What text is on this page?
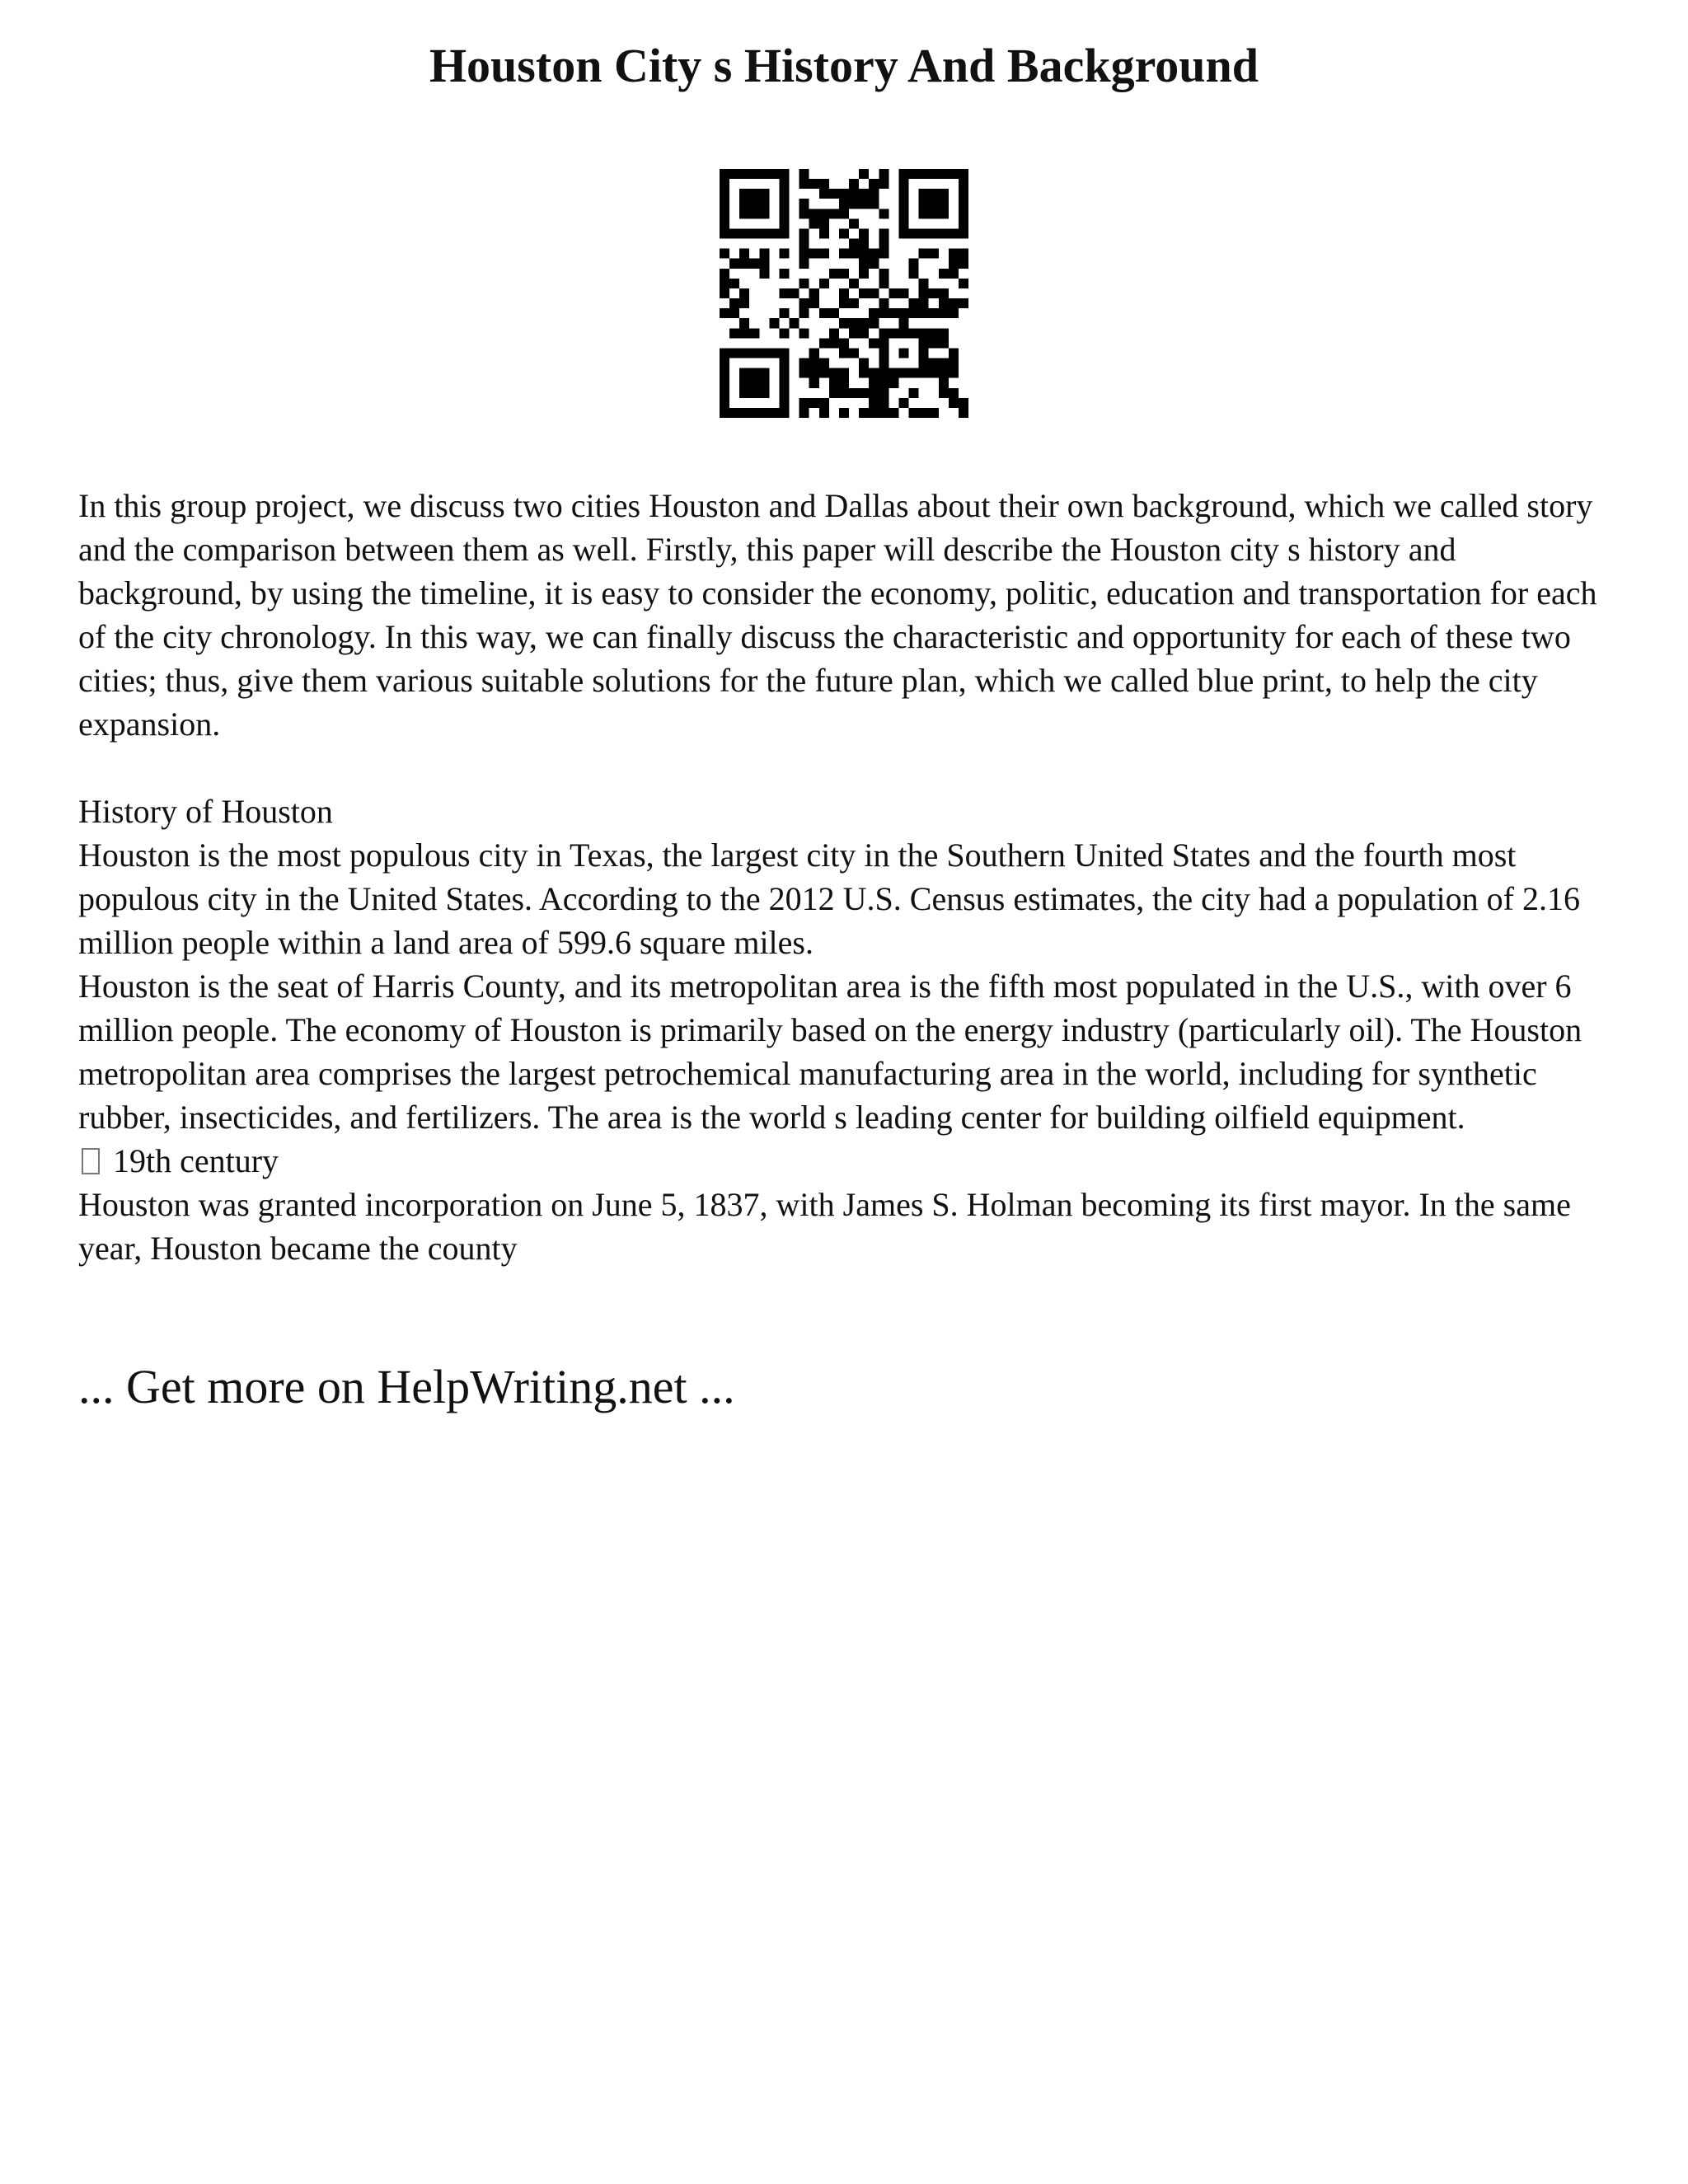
Houston City s History And Background

In this group project, we discuss two cities Houston and Dallas about their own background, which we called story and the comparison between them as well. Firstly, this paper will describe the Houston city s history and background, by using the timeline, it is easy to consider the economy, politic, education and transportation for each of the city chronology. In this way, we can finally discuss the characteristic and opportunity for each of these two cities; thus, give them various suitable solutions for the future plan, which we called blue print, to help the city expansion.

History of Houston
Houston is the most populous city in Texas, the largest city in the Southern United States and the fourth most populous city in the United States. According to the 2012 U.S. Census estimates, the city had a population of 2.16 million people within a land area of 599.6 square miles.
Houston is the seat of Harris County, and its metropolitan area is the fifth most populated in the U.S., with over 6 million people. The economy of Houston is primarily based on the energy industry (particularly oil). The Houston metropolitan area comprises the largest petrochemical manufacturing area in the world, including for synthetic rubber, insecticides, and fertilizers. The area is the world s leading center for building oilfield equipment.
19th century
Houston was granted incorporation on June 5, 1837, with James S. Holman becoming its first mayor. In the same year, Houston became the county
... Get more on HelpWriting.net ...
